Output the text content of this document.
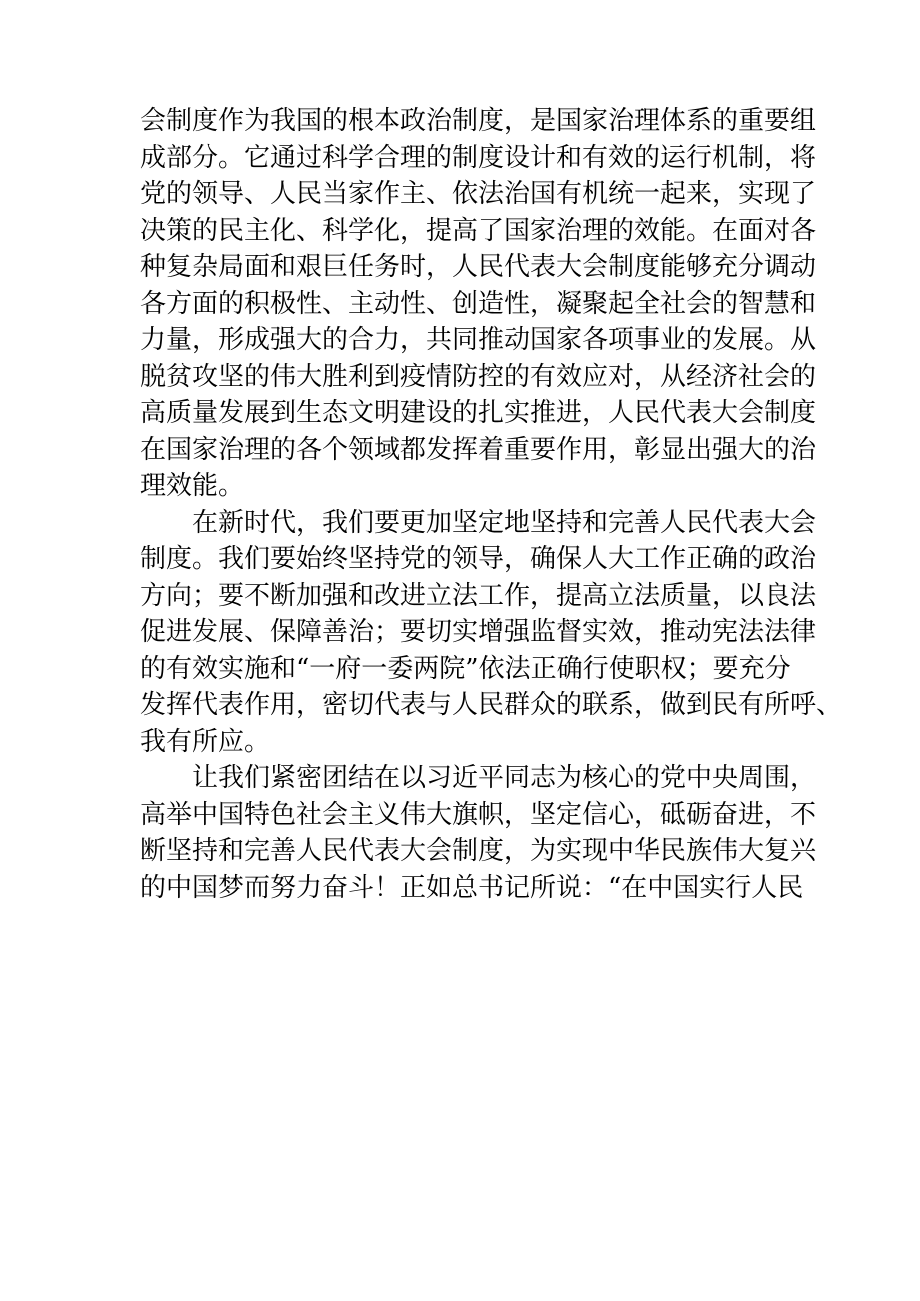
会制度作为我国的根本政治制度，是国家治理体系的重要组
成部分。它通过科学合理的制度设计和有效的运行机制，将
党的领导、人民当家作主、依法治国有机统一起来，实现了
决策的民主化、科学化，提高了国家治理的效能。在面对各
种复杂局面和艰巨任务时，人民代表大会制度能够充分调动
各方面的积极性、主动性、创造性，凝聚起全社会的智慧和
力量，形成强大的合力，共同推动国家各项事业的发展。从
脱贫攻坚的伟大胜利到疫情防控的有效应对，从经济社会的
高质量发展到生态文明建设的扎实推进，人民代表大会制度
在国家治理的各个领域都发挥着重要作用，彰显出强大的治
理效能。
在新时代，我们要更加坚定地坚持和完善人民代表大会
制度。我们要始终坚持党的领导，确保人大工作正确的政治
方向；要不断加强和改进立法工作，提高立法质量，以良法
促进发展、保障善治；要切实增强监督实效，推动宪法法律
的有效实施和“一府一委两院”依法正确行使职权；要充分
发挥代表作用，密切代表与人民群众的联系，做到民有所呼、
我有所应。
让我们紧密团结在以习近平同志为核心的党中央周围，
高举中国特色社会主义伟大旗帜，坚定信心，砥砺奋进，不
断坚持和完善人民代表大会制度，为实现中华民族伟大复兴
的中国梦而努力奋斗！正如总书记所说：“在中国实行人民
